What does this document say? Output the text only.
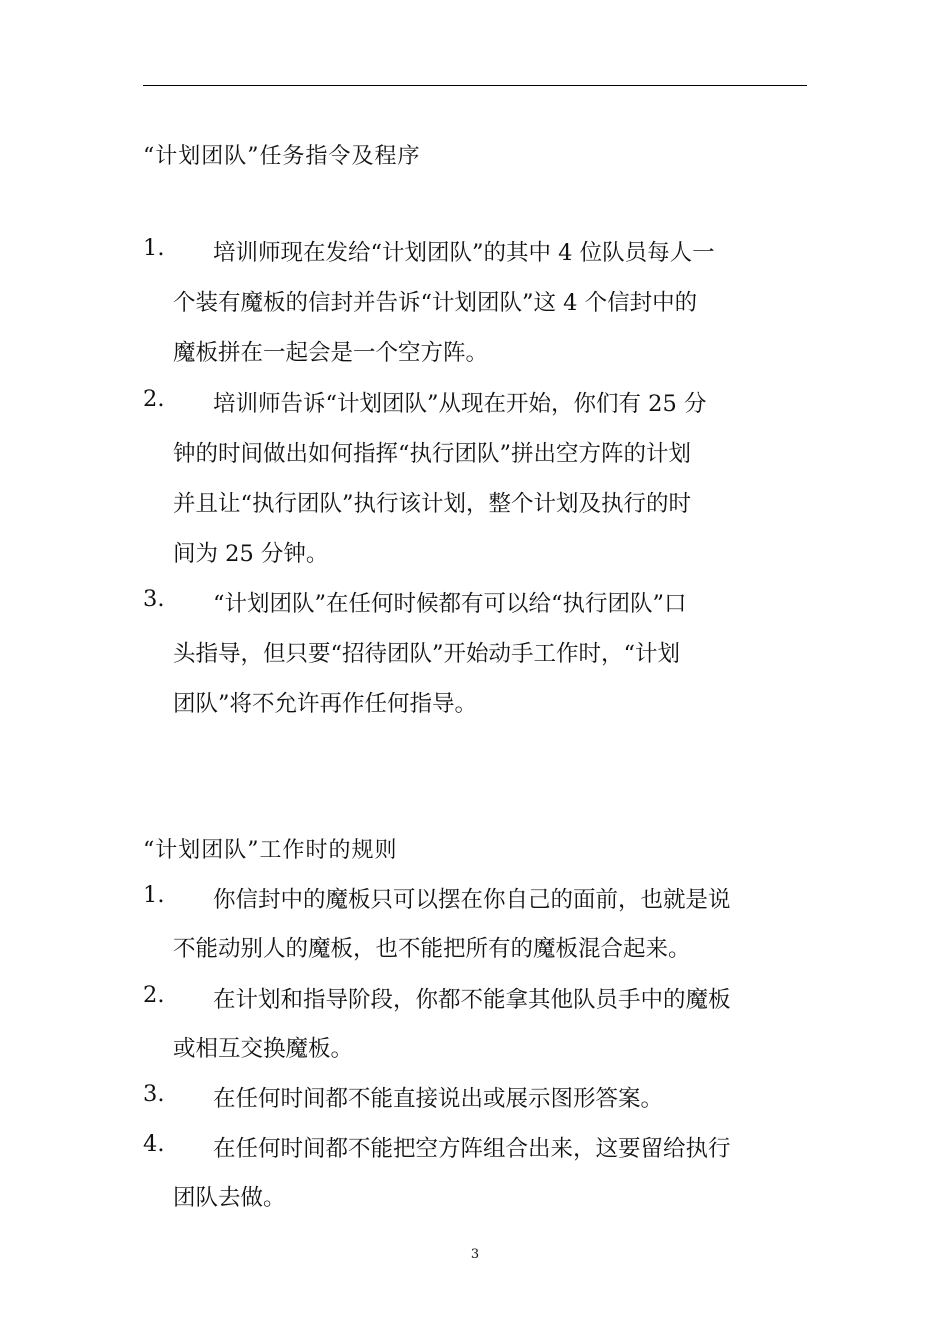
“计划团队”任务指令及程序
1.	培训师现在发给“计划团队”的其中 4 位队员每人一
个装有魔板的信封并告诉“计划团队”这 4 个信封中的
魔板拼在一起会是一个空方阵。
2.	培训师告诉“计划团队”从现在开始，你们有 25 分
钟的时间做出如何指挥“执行团队”拼出空方阵的计划
并且让“执行团队”执行该计划，整个计划及执行的时
间为 25 分钟。
3.	“计划团队”在任何时候都有可以给“执行团队”口
头指导，但只要“招待团队”开始动手工作时，“计划
团队”将不允许再作任何指导。
“计划团队”工作时的规则
1.	你信封中的魔板只可以摆在你自己的面前，也就是说
不能动别人的魔板，也不能把所有的魔板混合起来。
2.	在计划和指导阶段，你都不能拿其他队员手中的魔板
或相互交换魔板。
3.	在任何时间都不能直接说出或展示图形答案。
4.	在任何时间都不能把空方阵组合出来，这要留给执行
团队去做。
3
